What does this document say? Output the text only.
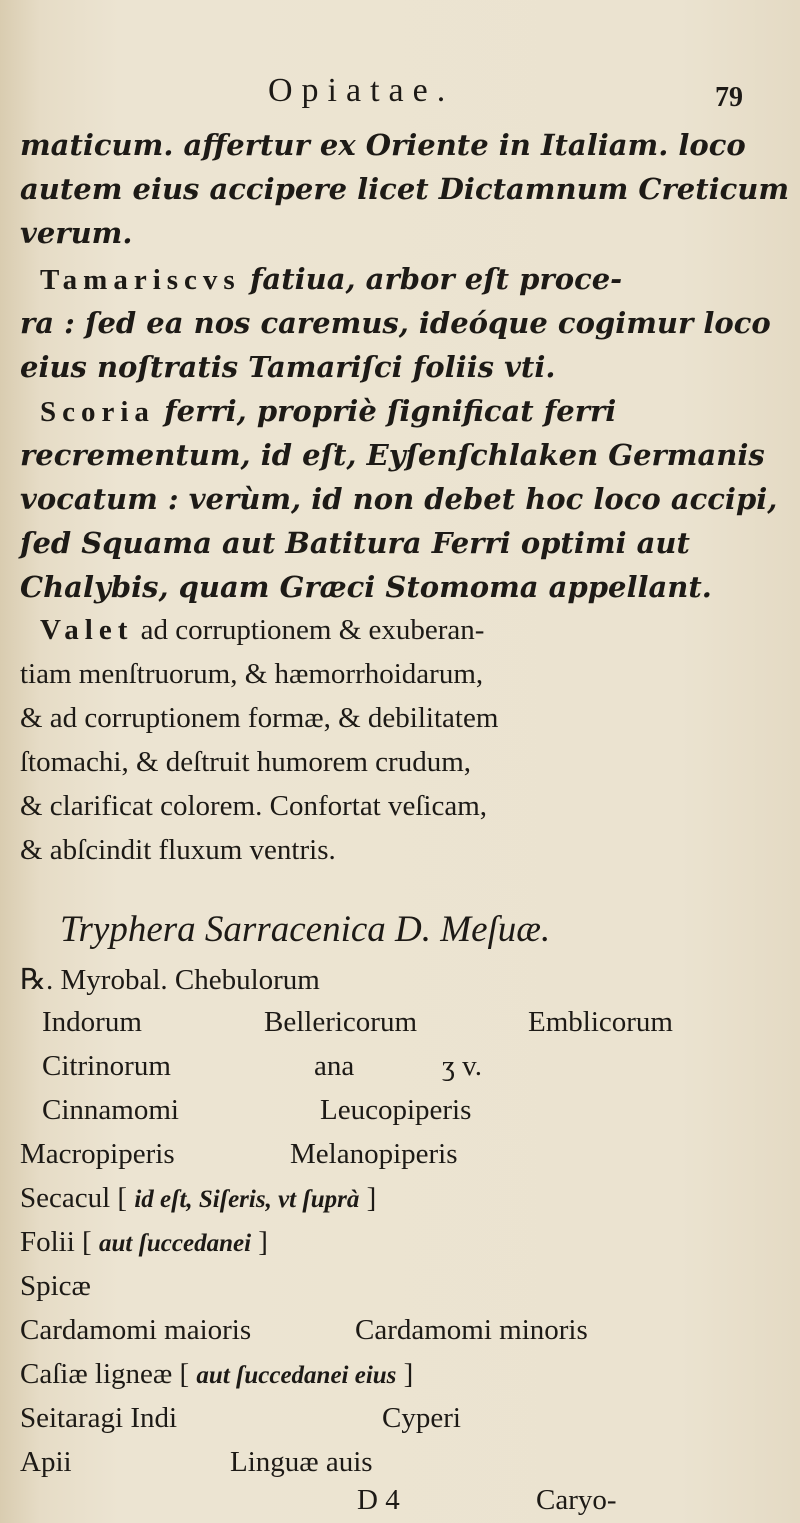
Opiatae.	79
maticum. affertur ex Oriente in Italiam. loco
autem eius accipere licet Dictamnum Creticum
verum.
Tamariscvs fatiua, arbor eſt proce-
ra : ſed ea nos caremus, ideóque cogimur loco
eius noſtratis Tamariſci foliis vti.
Scoria ferri, propriè ſignificat ferri
recrementum, id eſt, Eyſenſchlaken Germanis
vocatum : verùm, id non debet hoc loco accipi,
ſed Squama aut Batitura Ferri optimi aut
Chalybis, quam Græci Stomoma appellant.
Valet ad corruptionem & exuberan-
tiam menſtruorum, & hæmorrhoidarum,
& ad corruptionem formæ, & debilitatem
ſtomachi, & deſtruit humorem crudum,
& clarificat colorem. Confortat veſicam,
& abſcindit fluxum ventris.
Tryphera Sarracenica D. Meſuæ.
℞. Myrobal. Chebulorum
Indorum	Bellericorum	Emblicorum
Citrinorum	ana	ʒ v.
Cinnamomi	Leucopiperis
Macropiperis	Melanopiperis
Secacul [ id eſt, Siſeris, vt ſuprà ]
Folii [ aut ſuccedanei ]
Spicæ
Cardamomi maioris	Cardamomi minoris
Caſiæ ligneæ [ aut ſuccedanei eius ]
Seitaragi Indi	Cyperi
Apii	Linguæ auis
D 4	Caryo-
